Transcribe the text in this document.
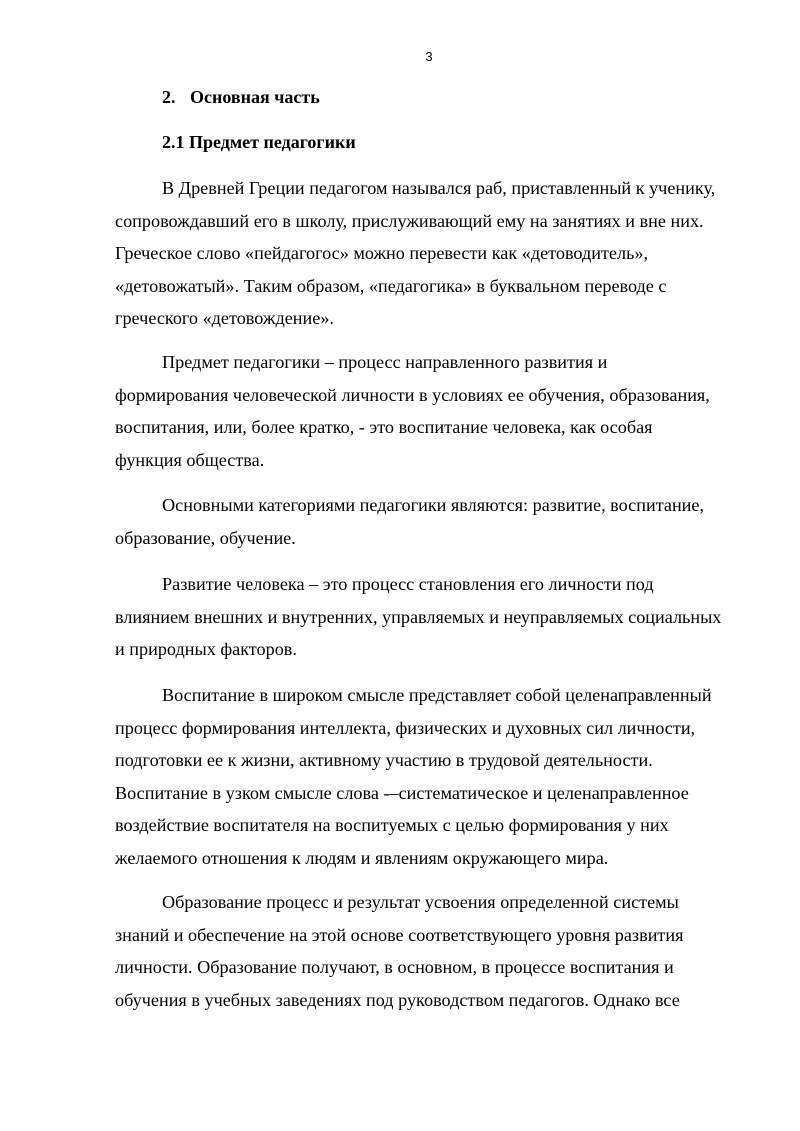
3
2. Основная часть
2.1 Предмет педагогики
В Древней Греции педагогом назывался раб, приставленный к ученику,
сопровождавший его в школу, прислуживающий ему на занятиях и вне них.
Греческое слово «пейдагогос» можно перевести как «детоводитель»,
«детовожатый». Таким образом, «педагогика» в буквальном переводе с
греческого «детовождение».
Предмет педагогики – процесс направленного развития и
формирования человеческой личности в условиях ее обучения, образования,
воспитания, или, более кратко, - это воспитание человека, как особая
функция общества.
Основными категориями педагогики являются: развитие, воспитание,
образование, обучение.
Развитие человека – это процесс становления его личности под
влиянием внешних и внутренних, управляемых и неуправляемых социальных
и природных факторов.
Воспитание в широком смысле представляет собой целенаправленный
процесс формирования интеллекта, физических и духовных сил личности,
подготовки ее к жизни, активному участию в трудовой деятельности.
Воспитание в узком смысле слова -–систематическое и целенаправленное
воздействие воспитателя на воспитуемых с целью формирования у них
желаемого отношения к людям и явлениям окружающего мира.
Образование процесс и результат усвоения определенной системы
знаний и обеспечение на этой основе соответствующего уровня развития
личности. Образование получают, в основном, в процессе воспитания и
обучения в учебных заведениях под руководством педагогов. Однако все
